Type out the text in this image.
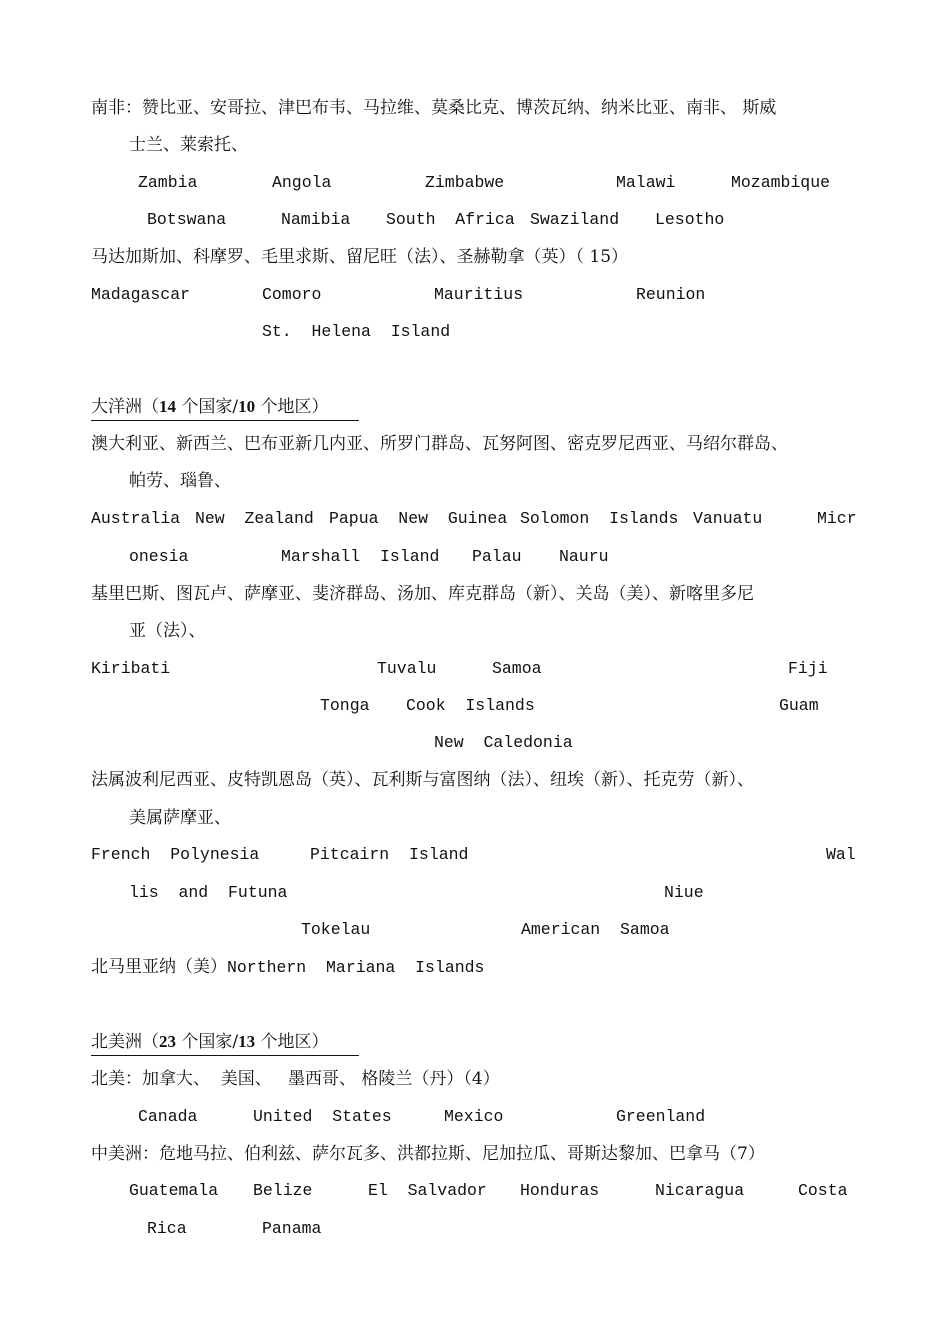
南非：赞比亚、安哥拉、津巴布韦、马拉维、莫桑比克、博茨瓦纳、纳米比亚、南非、 斯威
士兰、莱索托、
Zambia	Angola	Zimbabwe	Malawi	Mozambique
Botswana	Namibia South  Africa Swaziland Lesotho
马达加斯加、科摩罗、毛里求斯、留尼旺（法）、圣赫勒拿（英）（ 15）
Madagascar	Comoro	Mauritius	Reunion
St.  Helena  Island
大洋洲（14 个国家/10 个地区）
澳大利亚、新西兰、巴布亚新几内亚、所罗门群岛、瓦努阿图、密克罗尼西亚、马绍尔群岛、
帕劳、瑙鲁、
Australia New  Zealand Papua  New  Guinea Solomon  Islands Vanuatu	Micr
onesia	Marshall  Island Palau Nauru
基里巴斯、图瓦卢、萨摩亚、斐济群岛、汤加、库克群岛（新）、关岛（美）、新喀里多尼
亚（法）、
Kiribati	Tuvalu	Samoa	Fiji
Tonga Cook  Islands	Guam
New  Caledonia
法属波利尼西亚、皮特凯恩岛（英）、瓦利斯与富图纳（法）、纽埃（新）、托克劳（新）、
美属萨摩亚、
French  Polynesia	Pitcairn  Island	Wal
lis  and  Futuna	Niue
Tokelau	American  Samoa
北马里亚纳（美）Northern  Mariana  Islands
北美洲（23 个国家/13 个地区）
北美：加拿大、  美国、   墨西哥、 格陵兰（丹）（4）
Canada	United  States	Mexico	Greenland
中美洲：危地马拉、伯利兹、萨尔瓦多、洪都拉斯、尼加拉瓜、哥斯达黎加、巴拿马（7）
Guatemala Belize	El  Salvador Honduras	Nicaragua	Costa
Rica	Panama
